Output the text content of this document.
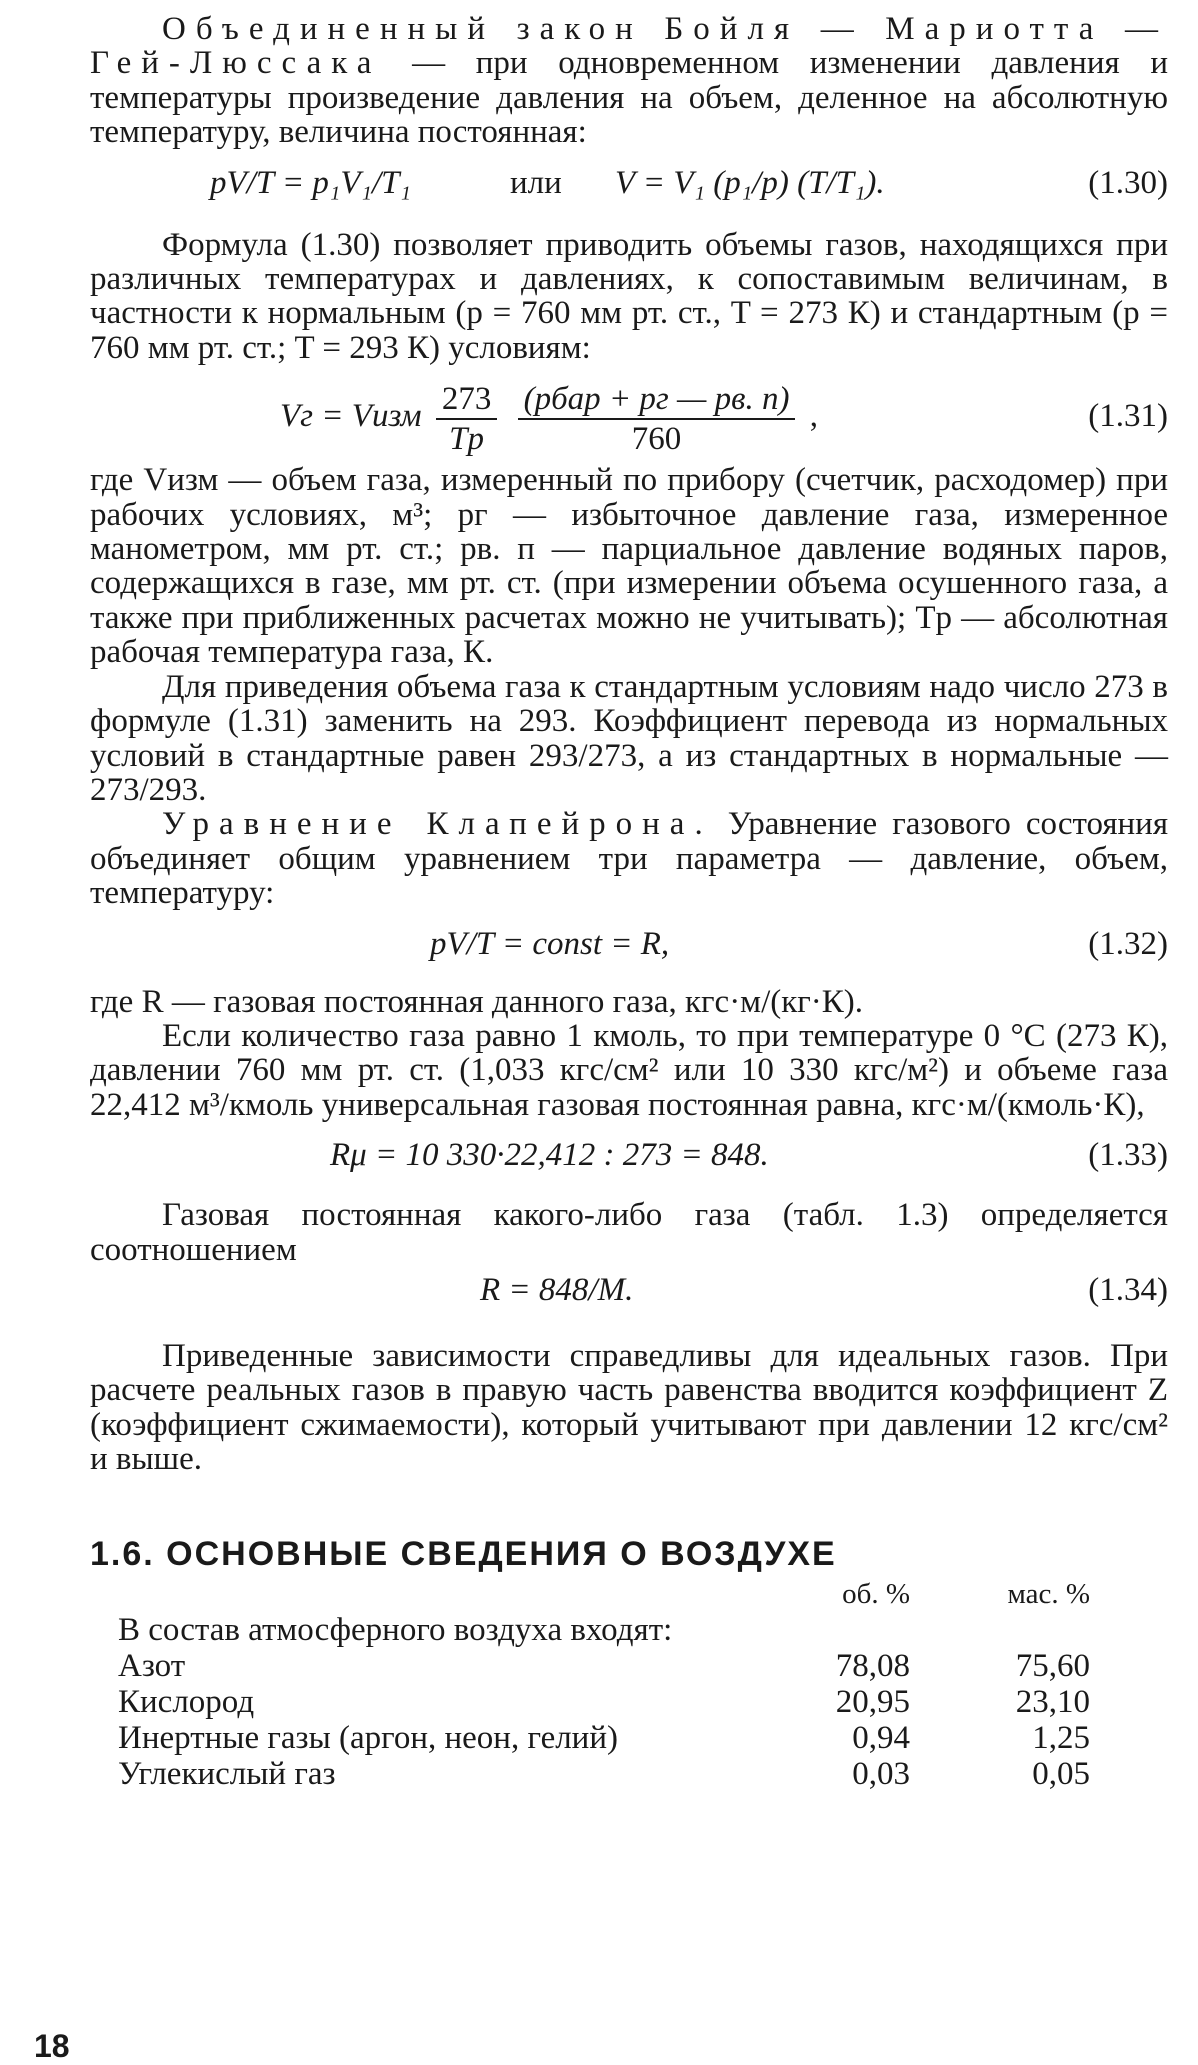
Объединенный закон Бойля — Мариотта — Гей-Люссака — при одновременном изменении давления и температуры произведение давления на объем, деленное на абсолютную температуру, величина постоянная:

pV/T = p₁V₁/T₁	или V = V₁ (p₁/p) (T/T₁).	(1.30)

Формула (1.30) позволяет приводить объемы газов, находящихся при различных температурах и давлениях, к сопоставимым величинам, в частности к нормальным (p = 760 мм рт. ст., T = 273 К) и стандартным (p = 760 мм рт. ст.; T = 293 К) условиям:

Vг = Vизм $\frac{273}{Tр}$
$\frac{\text{(pбар + pг — pв. п)}}{760}$ ,	(1.31)

где Vизм — объем газа, измеренный по прибору (счетчик, расходомер) при рабочих условиях, м³; pг — избыточное давление газа, измеренное манометром, мм рт. ст.; pв. п — парциальное давление водяных паров, содержащихся в газе, мм рт. ст. (при измерении объема осушенного газа, а также при приближенных расчетах можно не учитывать); Tр — абсолютная рабочая температура газа, К.

Для приведения объема газа к стандартным условиям надо число 273 в формуле (1.31) заменить на 293. Коэффициент перевода из нормальных условий в стандартные равен 293/273, а из стандартных в нормальные — 273/293.

Уравнение Клапейрона. Уравнение газового состояния объединяет общим уравнением три параметра — давление, объем, температуру:

pV/T = const = R,	(1.32)

где R — газовая постоянная данного газа, кгс·м/(кг·К).

Если количество газа равно 1 кмоль, то при температуре 0 °С (273 К), давлении 760 мм рт. ст. (1,033 кгс/см² или 10 330 кгс/м²) и объеме газа 22,412 м³/кмоль универсальная газовая постоянная равна, кгс·м/(кмоль·К),

Rμ = 10 330·22,412 : 273 = 848.	(1.33)

Газовая постоянная какого-либо газа (табл. 1.3) определяется соотношением

R = 848/M.	(1.34)

Приведенные зависимости справедливы для идеальных газов. При расчете реальных газов в правую часть равенства вводится коэффициент Z (коэффициент сжимаемости), который учитывают при давлении 12 кгс/см² и выше.

1.6. ОСНОВНЫЕ СВЕДЕНИЯ О ВОЗДУХЕ
	об. %	мас. %
В состав атмосферного воздуха входят:		
Азот	78,08	75,60
Кислород	20,95	23,10
Инертные газы (аргон, неон, гелий)	0,94	1,25
Углекислый газ	0,03	0,05
18
